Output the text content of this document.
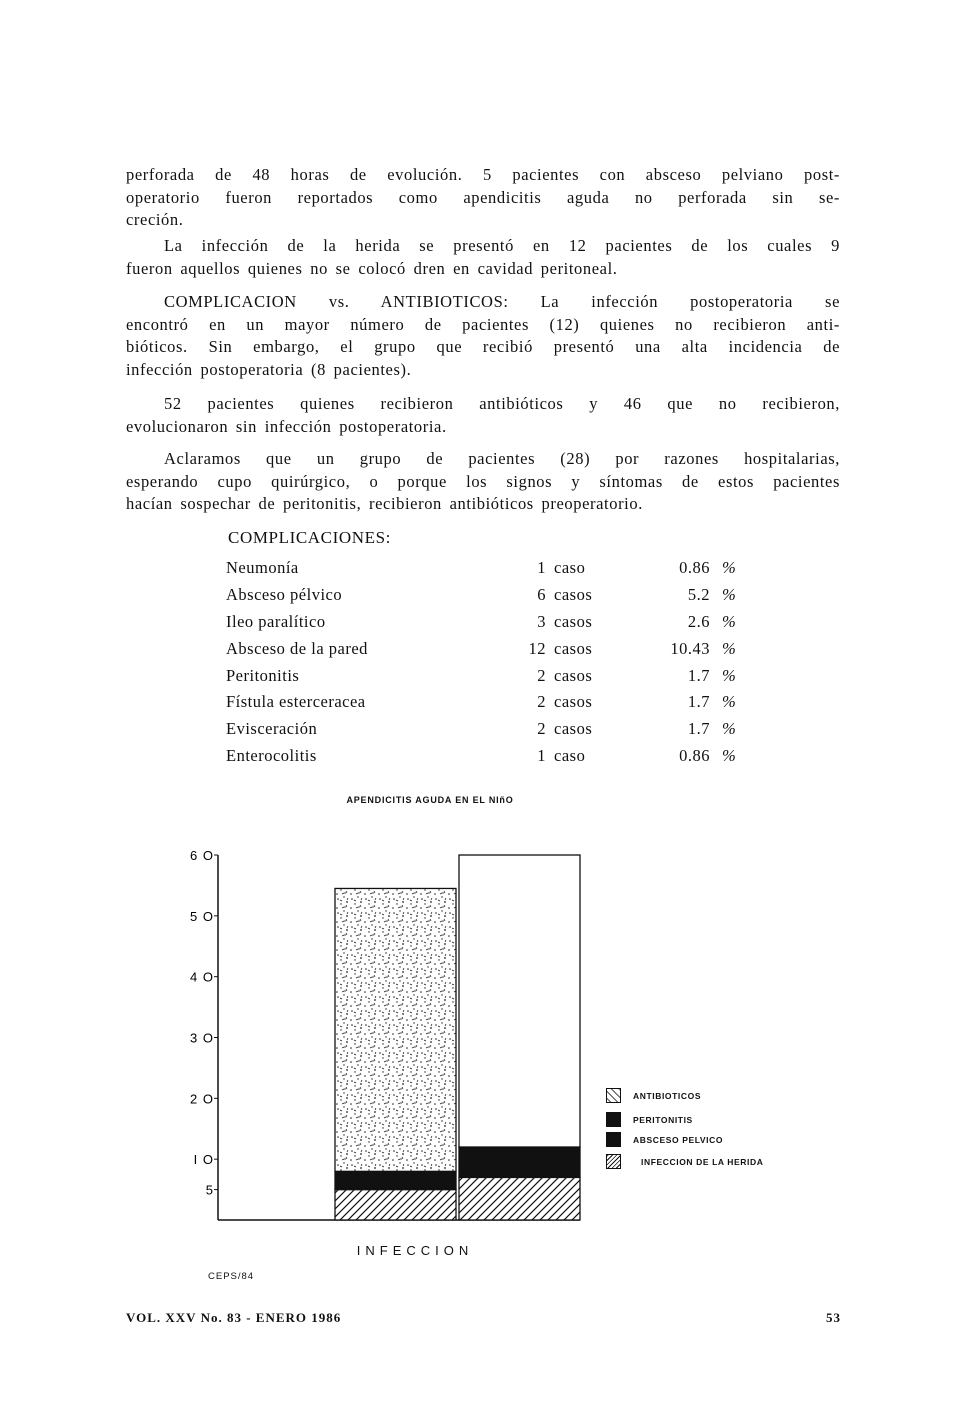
perforada de 48 horas de evolución. 5 pacientes con absceso pelviano post-
operatorio fueron reportados como apendicitis aguda no perforada sin se-
creción.
La infección de la herida se presentó en 12 pacientes de los cuales 9
fueron aquellos quienes no se colocó dren en cavidad peritoneal.
COMPLICACION vs. ANTIBIOTICOS: La infección postoperatoria se
encontró en un mayor número de pacientes (12) quienes no recibieron anti-
bióticos. Sin embargo, el grupo que recibió presentó una alta incidencia de
infección postoperatoria (8 pacientes).
52 pacientes quienes recibieron antibióticos y 46 que no recibieron,
evolucionaron sin infección postoperatoria.
Aclaramos que un grupo de pacientes (28) por razones hospitalarias,
esperando cupo quirúrgico, o porque los signos y síntomas de estos pacientes
hacían sospechar de peritonitis, recibieron antibióticos preoperatorio.
COMPLICACIONES:
Neumonía	1	caso	0.86	%
Absceso pélvico	6	casos	5.2	%
Ileo paralítico	3	casos	2.6	%
Absceso de la pared	12	casos	10.43	%
Peritonitis	2	casos	1.7	%
Fístula esterceracea	2	casos	1.7	%
Evisceración	2	casos	1.7	%
Enterocolitis	1	caso	0.86	%
APENDICITIS AGUDA EN EL NIñO
6 O
5 O
4 O
3 O
2 O
I O
5
INFECCION
CEPS/84
ANTIBIOTICOS
PERITONITIS
ABSCESO PELVICO
INFECCION DE LA HERIDA
VOL. XXV No. 83 - ENERO 1986	53
